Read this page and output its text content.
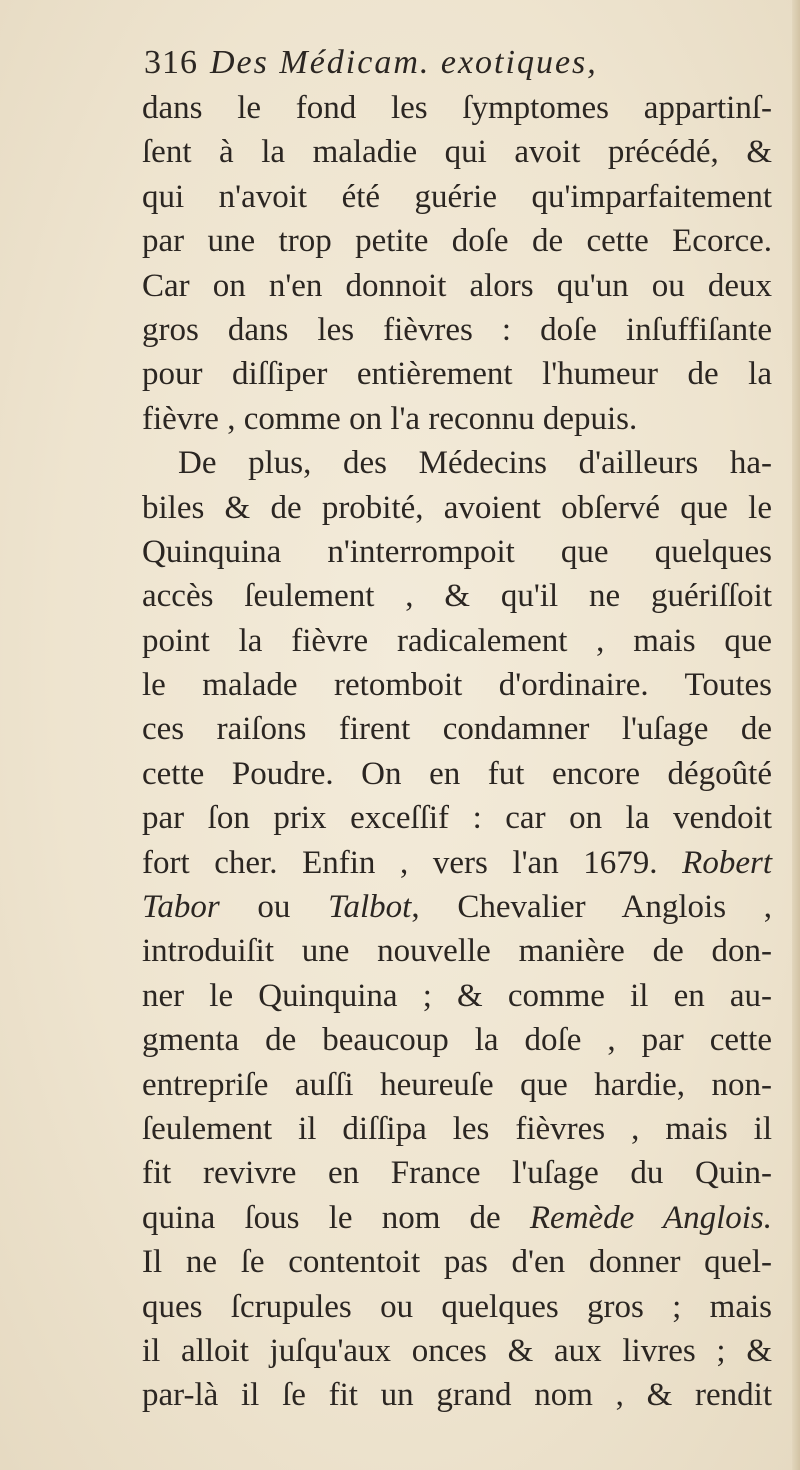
316 Des Médicam. exotiques,
dans le fond les ſymptomes appartinſ-
ſent à la maladie qui avoit précédé, &
qui n'avoit été guérie qu'imparfaitement
par une trop petite doſe de cette Ecorce.
Car on n'en donnoit alors qu'un ou deux
gros dans les fièvres : doſe inſuffiſante
pour diſſiper entièrement l'humeur de la
fièvre , comme on l'a reconnu depuis.
De plus, des Médecins d'ailleurs ha-
biles & de probité, avoient obſervé que le
Quinquina n'interrompoit que quelques
accès ſeulement , & qu'il ne guériſſoit
point la fièvre radicalement , mais que
le malade retomboit d'ordinaire. Toutes
ces raiſons firent condamner l'uſage de
cette Poudre. On en fut encore dégoûté
par ſon prix exceſſif : car on la vendoit
fort cher. Enfin , vers l'an 1679. Robert
Tabor ou Talbot, Chevalier Anglois ,
introduiſit une nouvelle manière de don-
ner le Quinquina ; & comme il en au-
gmenta de beaucoup la doſe , par cette
entrepriſe auſſi heureuſe que hardie, non-
ſeulement il diſſipa les fièvres , mais il
fit revivre en France l'uſage du Quin-
quina ſous le nom de Remède Anglois.
Il ne ſe contentoit pas d'en donner quel-
ques ſcrupules ou quelques gros ; mais
il alloit juſqu'aux onces & aux livres ; &
par-là il ſe fit un grand nom , & rendit
